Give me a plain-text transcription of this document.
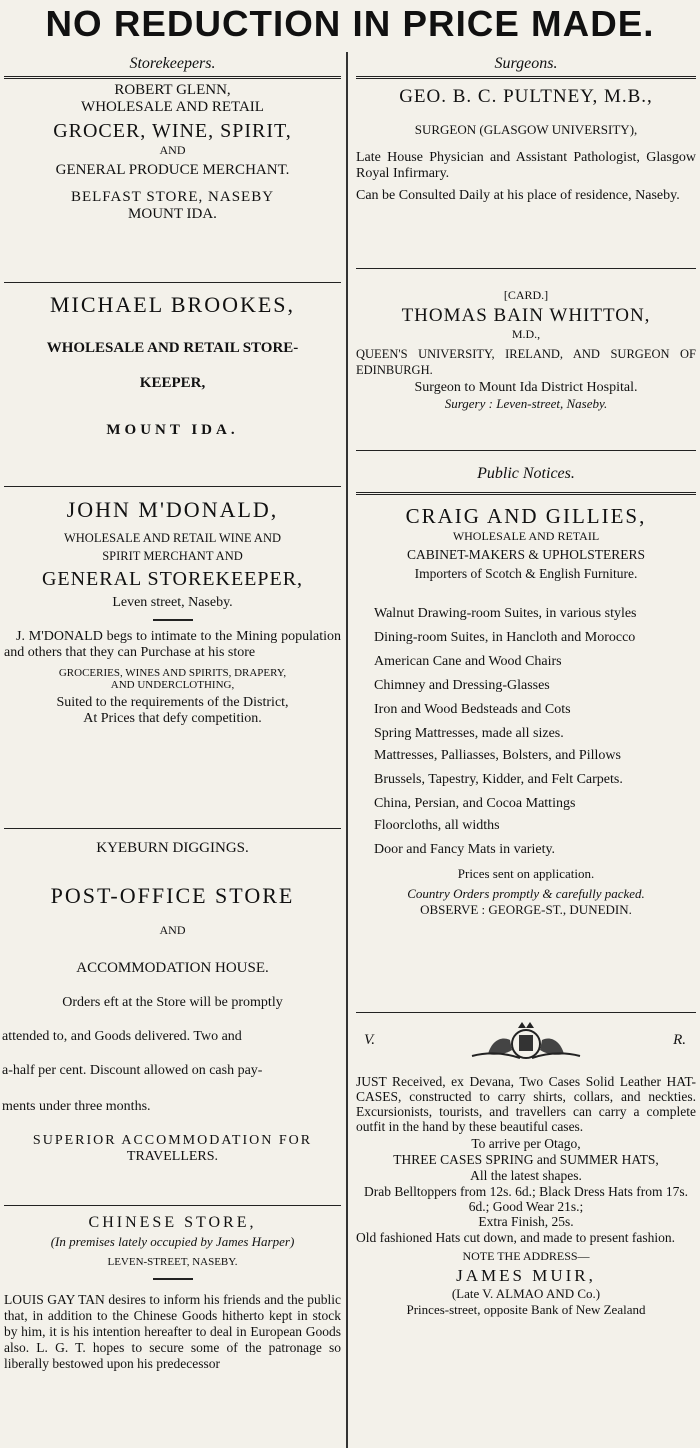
NO REDUCTION IN PRICE MADE.
Storekeepers.
ROBERT GLENN,
WHOLESALE AND RETAIL
GROCER, WINE, SPIRIT,
AND
GENERAL PRODUCE MERCHANT.
BELFAST STORE, NASEBY
MOUNT IDA.
MICHAEL BROOKES,
WHOLESALE AND RETAIL STORE-
KEEPER,
MOUNT IDA.
JOHN M'DONALD,
WHOLESALE AND RETAIL WINE AND
SPIRIT MERCHANT AND
GENERAL STOREKEEPER,
Leven street, Naseby.
J. M'DONALD begs to intimate to the Mining population and others that they can Purchase at his store
GROCERIES, WINES AND SPIRITS, DRAPERY,
AND UNDERCLOTHING,
Suited to the requirements of the District,
At Prices that defy competition.
KYEBURN DIGGINGS.
POST-OFFICE STORE
AND
ACCOMMODATION HOUSE.
Orders eft at the Store will be promptly
attended to, and Goods delivered. Two and
a-half per cent. Discount allowed on cash pay-
ments under three months.
SUPERIOR ACCOMMODATION FOR
TRAVELLERS.
CHINESE STORE,
(In premises lately occupied by James Harper)
LEVEN-STREET, NASEBY.
LOUIS GAY TAN desires to inform his friends and the public that, in addition to the Chinese Goods hitherto kept in stock by him, it is his intention hereafter to deal in European Goods also. L. G. T. hopes to secure some of the patronage so liberally bestowed upon his predecessor
Surgeons.
GEO. B. C. PULTNEY, M.B.,
SURGEON (GLASGOW UNIVERSITY),
Late House Physician and Assistant Pathologist, Glasgow Royal Infirmary.
Can be Consulted Daily at his place of residence, Naseby.
[CARD.]
THOMAS BAIN WHITTON,
M.D.,
QUEEN'S UNIVERSITY, IRELAND, AND SURGEON OF EDINBURGH.
Surgeon to Mount Ida District Hospital.
Surgery : Leven-street, Naseby.
Public Notices.
CRAIG AND GILLIES,
WHOLESALE AND RETAIL
CABINET-MAKERS & UPHOLSTERERS
Importers of Scotch & English Furniture.
Walnut Drawing-room Suites, in various styles
Dining-room Suites, in Hancloth and Morocco
American Cane and Wood Chairs
Chimney and Dressing-Glasses
Iron and Wood Bedsteads and Cots
Spring Mattresses, made all sizes.
Mattresses, Palliasses, Bolsters, and Pillows
Brussels, Tapestry, Kidder, and Felt Carpets.
China, Persian, and Cocoa Mattings
Floorcloths, all widths
Door and Fancy Mats in variety.
Prices sent on application.
Country Orders promptly & carefully packed.
OBSERVE : GEORGE-ST., DUNEDIN.
V.	R.
JUST Received, ex Devana, Two Cases Solid Leather HAT-CASES, constructed to carry shirts, collars, and neckties. Excursionists, tourists, and travellers can carry a complete outfit in the hand by these beautiful cases.
To arrive per Otago,
THREE CASES SPRING and SUMMER HATS,
All the latest shapes.
Drab Belltoppers from 12s. 6d.; Black Dress Hats from 17s. 6d.; Good Wear 21s.;
Extra Finish, 25s.
Old fashioned Hats cut down, and made to present fashion.
NOTE THE ADDRESS—
JAMES MUIR,
(Late V. ALMAO AND Co.)
Princes-street, opposite Bank of New Zealand
